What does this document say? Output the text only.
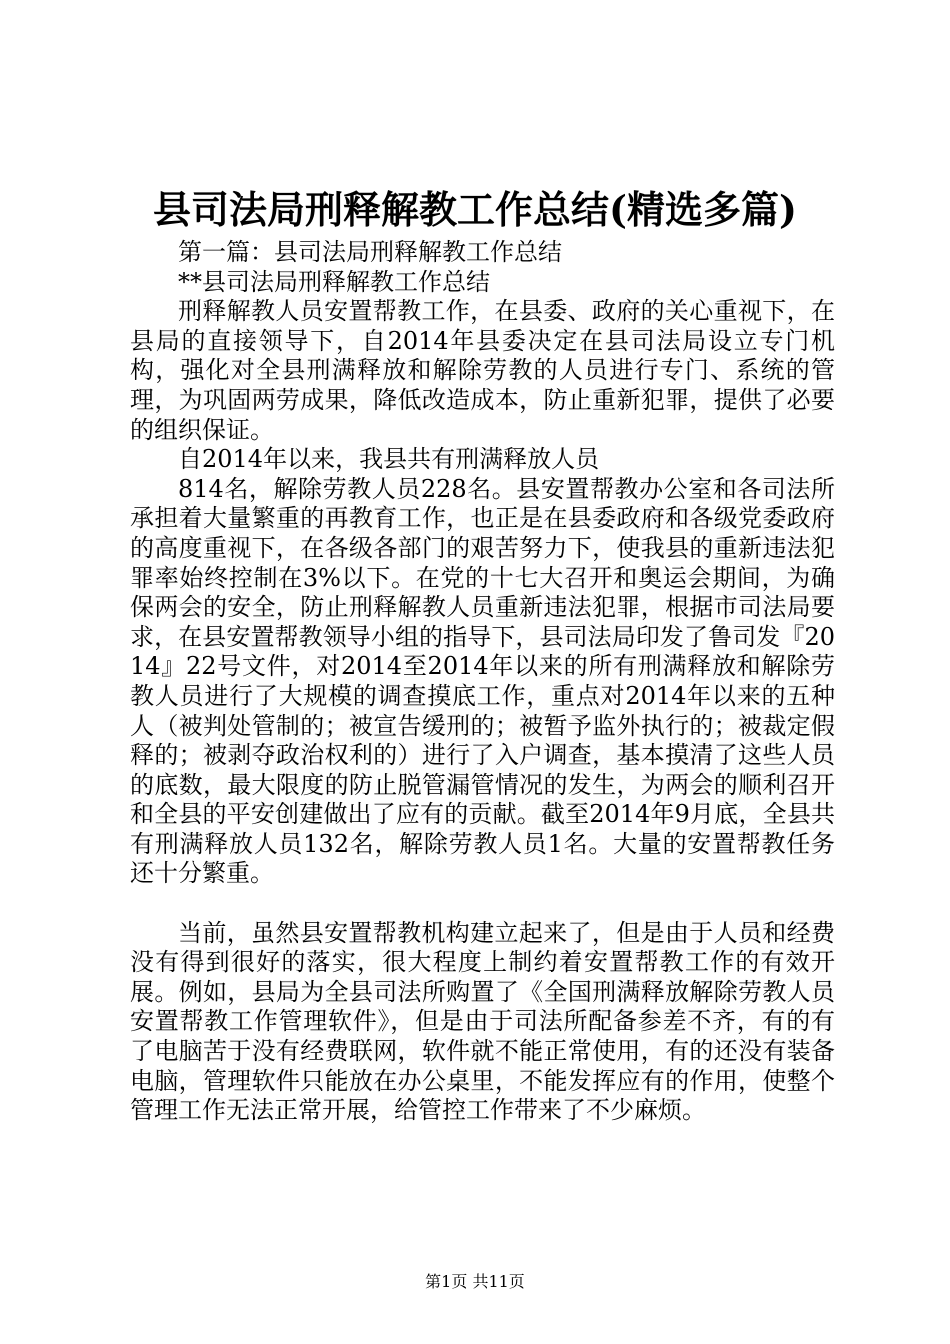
县司法局刑释解教工作总结(精选多篇)

第一篇：县司法局刑释解教工作总结

**县司法局刑释解教工作总结

刑释解教人员安置帮教工作，在县委、政府的关心重视下，在县局的直接领导下，自2014年县委决定在县司法局设立专门机构，强化对全县刑满释放和解除劳教的人员进行专门、系统的管理，为巩固两劳成果，降低改造成本，防止重新犯罪，提供了必要的组织保证。

自2014年以来，我县共有刑满释放人员

814名，解除劳教人员228名。县安置帮教办公室和各司法所承担着大量繁重的再教育工作，也正是在县委政府和各级党委政府的高度重视下，在各级各部门的艰苦努力下，使我县的重新违法犯罪率始终控制在3%以下。在党的十七大召开和奥运会期间，为确保两会的安全，防止刑释解教人员重新违法犯罪，根据市司法局要求，在县安置帮教领导小组的指导下，县司法局印发了鲁司发『2014』22号文件，对2014至2014年以来的所有刑满释放和解除劳教人员进行了大规模的调查摸底工作，重点对2014年以来的五种人（被判处管制的；被宣告缓刑的；被暂予监外执行的；被裁定假释的；被剥夺政治权利的）进行了入户调查，基本摸清了这些人员的底数，最大限度的防止脱管漏管情况的发生，为两会的顺利召开和全县的平安创建做出了应有的贡献。截至2014年9月底，全县共有刑满释放人员132名，解除劳教人员1名。大量的安置帮教任务还十分繁重。

当前，虽然县安置帮教机构建立起来了，但是由于人员和经费没有得到很好的落实，很大程度上制约着安置帮教工作的有效开展。例如，县局为全县司法所购置了《全国刑满释放解除劳教人员安置帮教工作管理软件》，但是由于司法所配备参差不齐，有的有了电脑苦于没有经费联网，软件就不能正常使用，有的还没有装备电脑，管理软件只能放在办公桌里，不能发挥应有的作用，使整个管理工作无法正常开展，给管控工作带来了不少麻烦。

第1页 共11页
